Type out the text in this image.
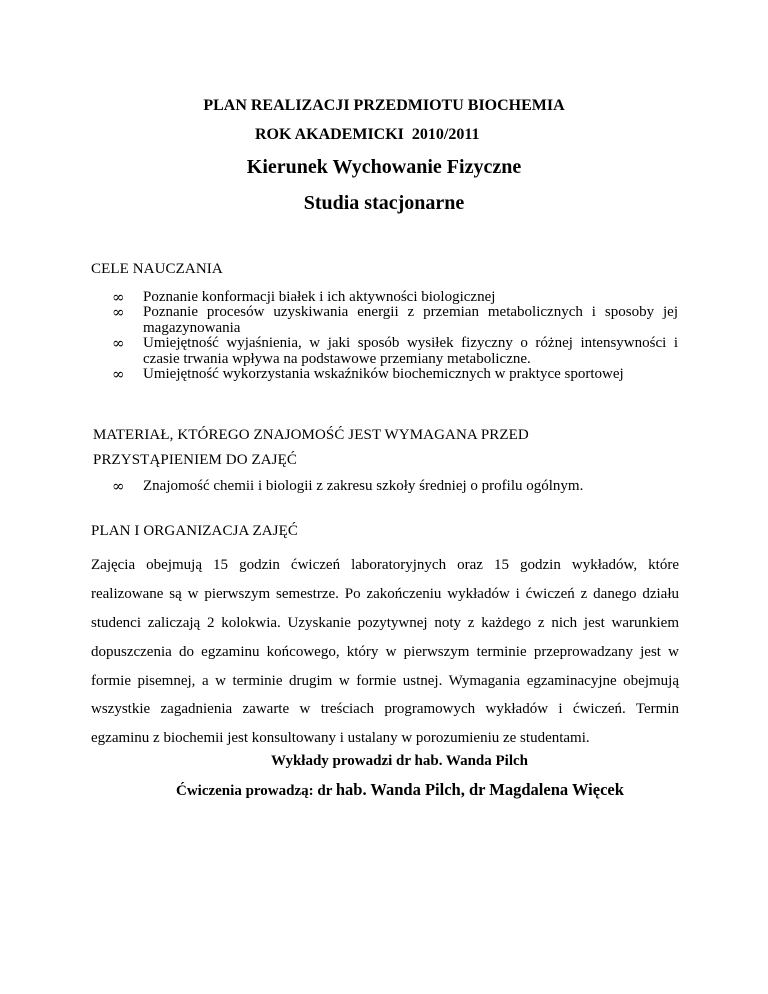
PLAN REALIZACJI PRZEDMIOTU BIOCHEMIA
ROK AKADEMICKI 2010/2011
Kierunek Wychowanie Fizyczne
Studia stacjonarne
CELE NAUCZANIA
∞ Poznanie konformacji białek i ich aktywności biologicznej
∞ Poznanie procesów uzyskiwania energii z przemian metabolicznych i sposoby jej magazynowania
∞ Umiejętność wyjaśnienia, w jaki sposób wysiłek fizyczny o różnej intensywności i czasie trwania wpływa na podstawowe przemiany metaboliczne.
∞ Umiejętność wykorzystania wskaźników biochemicznych w praktyce sportowej
MATERIAŁ, KTÓREGO ZNAJOMOŚĆ JEST WYMAGANA PRZED
PRZYSTĄPIENIEM DO ZAJĘĆ
∞ Znajomość chemii i biologii z zakresu szkoły średniej o profilu ogólnym.
PLAN I ORGANIZACJA ZAJĘĆ
Zajęcia obejmują 15 godzin ćwiczeń laboratoryjnych oraz 15 godzin wykładów, które
realizowane są w pierwszym semestrze. Po zakończeniu wykładów i ćwiczeń z danego działu
studenci zaliczają 2 kolokwia. Uzyskanie pozytywnej noty z każdego z nich jest warunkiem
dopuszczenia do egzaminu końcowego, który w pierwszym terminie przeprowadzany jest w
formie pisemnej, a w terminie drugim w formie ustnej. Wymagania egzaminacyjne obejmują
wszystkie zagadnienia zawarte w treściach programowych wykładów i ćwiczeń. Termin
egzaminu z biochemii jest konsultowany i ustalany w porozumieniu ze studentami.
Wykłady prowadzi dr hab. Wanda Pilch
Ćwiczenia prowadzą: dr hab. Wanda Pilch, dr Magdalena Więcek
